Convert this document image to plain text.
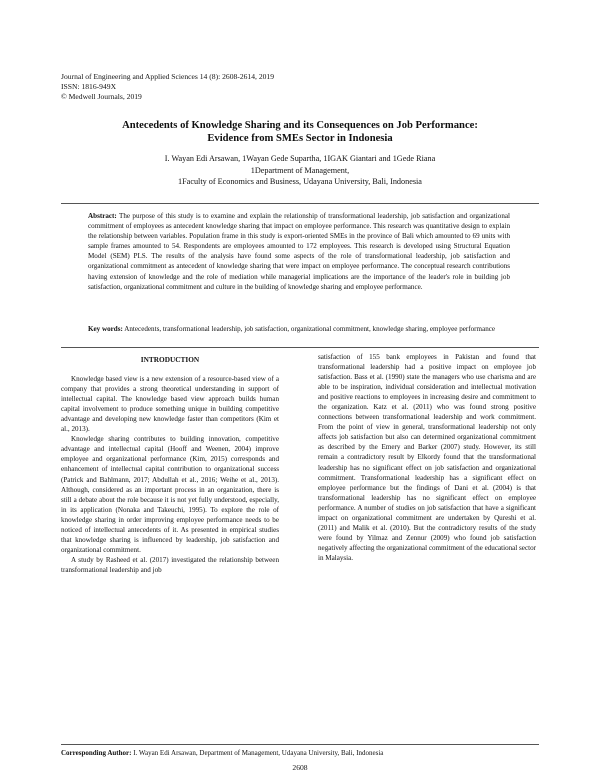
Journal of Engineering and Applied Sciences 14 (8): 2608-2614, 2019
ISSN: 1816-949X
© Medwell Journals, 2019
Antecedents of Knowledge Sharing and its Consequences on Job Performance:
Evidence from SMEs Sector in Indonesia
I. Wayan Edi Arsawan, 1Wayan Gede Supartha, 1IGAK Giantari and 1Gede Riana
1Department of Management,
1Faculty of Economics and Business, Udayana University, Bali, Indonesia
Abstract: The purpose of this study is to examine and explain the relationship of transformational leadership, job satisfaction and organizational commitment of employees as antecedent knowledge sharing that impact on employee performance. This research was quantitative design to explain the relationship between variables. Population frame in this study is export-oriented SMEs in the province of Bali which amounted to 69 units with sample frames amounted to 54. Respondents are employees amounted to 172 employees. This research is developed using Structural Equation Model (SEM) PLS. The results of the analysis have found some aspects of the role of transformational leadership, job satisfaction and organizational commitment as antecedent of knowledge sharing that were impact on employee performance. The conceptual research contributions having extension of knowledge and the role of mediation while managerial implications are the importance of the leader's role in building job satisfaction, organizational commitment and culture in the building of knowledge sharing and employee performance.
Key words: Antecedents, transformational leadership, job satisfaction, organizational commitment, knowledge sharing, employee performance

INTRODUCTION

Knowledge based view is a new extension of a resource-based view of a company that provides a strong theoretical understanding in support of intellectual capital. The knowledge based view approach builds human capital involvement to produce something unique in building competitive advantage and developing new knowledge faster than competitors (Kim et al., 2013).

Knowledge sharing contributes to building innovation, competitive advantage and intellectual capital (Hooff and Weenen, 2004) improve employee and organizational performance (Kim, 2015) corresponds and enhancement of intellectual capital contribution to organizational success (Patrick and Bahlmann, 2017; Abdullah et al., 2016; Weihe et al., 2013). Although, considered as an important process in an organization, there is still a debate about the role because it is not yet fully understood, especially, in its application (Nonaka and Takeuchi, 1995). To explore the role of knowledge sharing in order improving employee performance needs to be noticed of intellectual antecedents of it. As presented in empirical studies that knowledge sharing is influenced by leadership, job satisfaction and organizational commitment.

A study by Rasheed et al. (2017) investigated the relationship between transformational leadership and job

satisfaction of 155 bank employees in Pakistan and found that transformational leadership had a positive impact on employee job satisfaction. Bass et al. (1990) state the managers who use charisma and are able to be inspiration, individual consideration and intellectual motivation and positive reactions to employees in increasing desire and commitment to the organization. Katz et al. (2011) who was found strong positive connections between transformational leadership and work commitment. From the point of view in general, transformational leadership not only affects job satisfaction but also can determined organizational commitment as described by the Emery and Barker (2007) study. However, its still remain a contradictory result by Elkordy found that the transformational leadership has no significant effect on job satisfaction and organizational commitment. Transformational leadership has a significant effect on employee performance but the findings of Dani et al. (2004) is that transformational leadership has no significant effect on employee performance. A number of studies on job satisfaction that have a significant impact on organizational commitment are undertaken by Qureshi et al. (2011) and Malik et al. (2010). But the contradictory results of the study were found by Yilmaz and Zennur (2009) who found job satisfaction negatively affecting the organizational commitment of the educational sector in Malaysia.

Corresponding Author: I. Wayan Edi Arsawan, Department of Management, Udayana University, Bali, Indonesia
2608
